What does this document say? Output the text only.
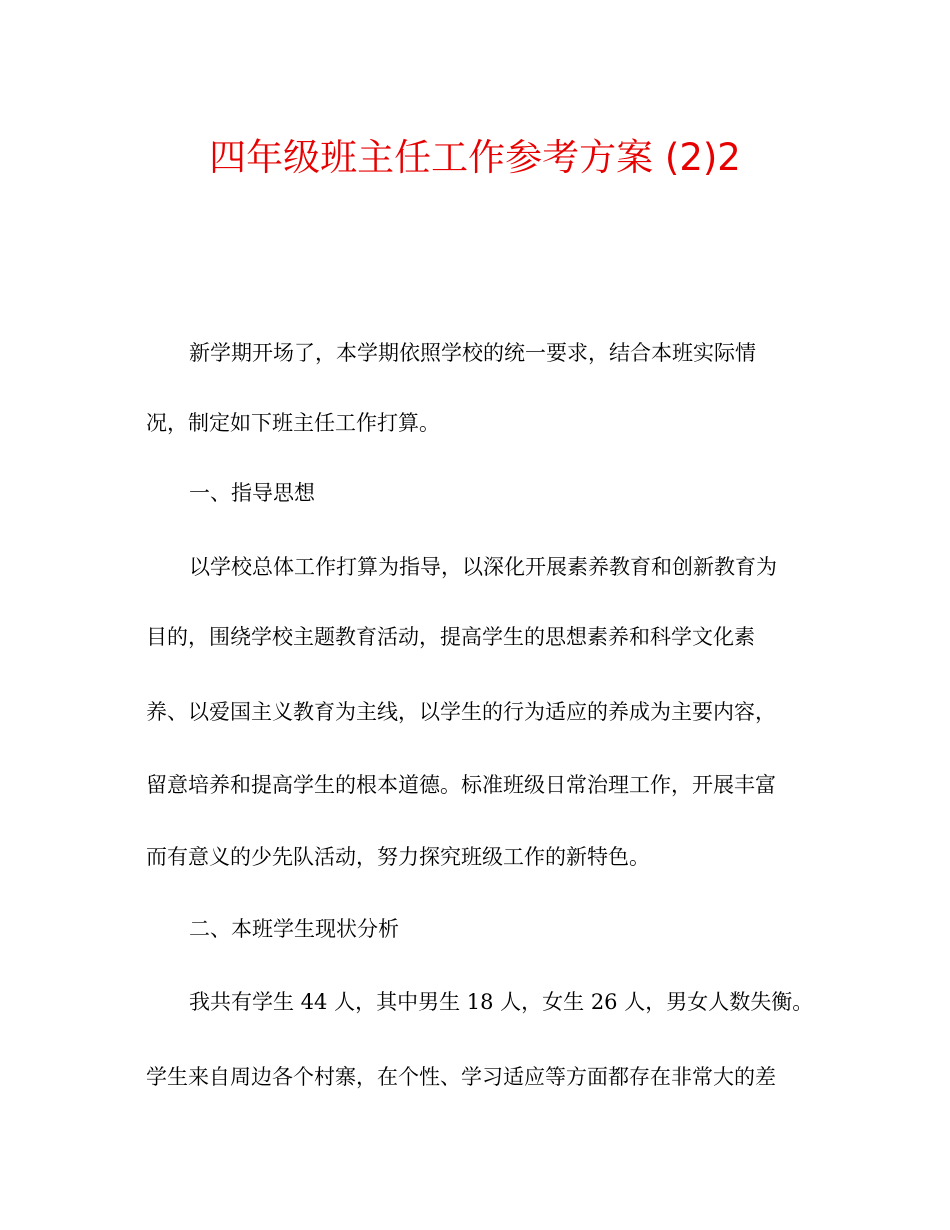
四年级班主任工作参考方案 (2)2

新学期开场了，本学期依照学校的统一要求，结合本班实际情

况，制定如下班主任工作打算。

一、指导思想

以学校总体工作打算为指导，以深化开展素养教育和创新教育为

目的，围绕学校主题教育活动，提高学生的思想素养和科学文化素

养、以爱国主义教育为主线，以学生的行为适应的养成为主要内容，

留意培养和提高学生的根本道德。标准班级日常治理工作，开展丰富

而有意义的少先队活动，努力探究班级工作的新特色。

二、本班学生现状分析

我共有学生 44 人，其中男生 18 人，女生 26 人，男女人数失衡。

学生来自周边各个村寨，在个性、学习适应等方面都存在非常大的差
